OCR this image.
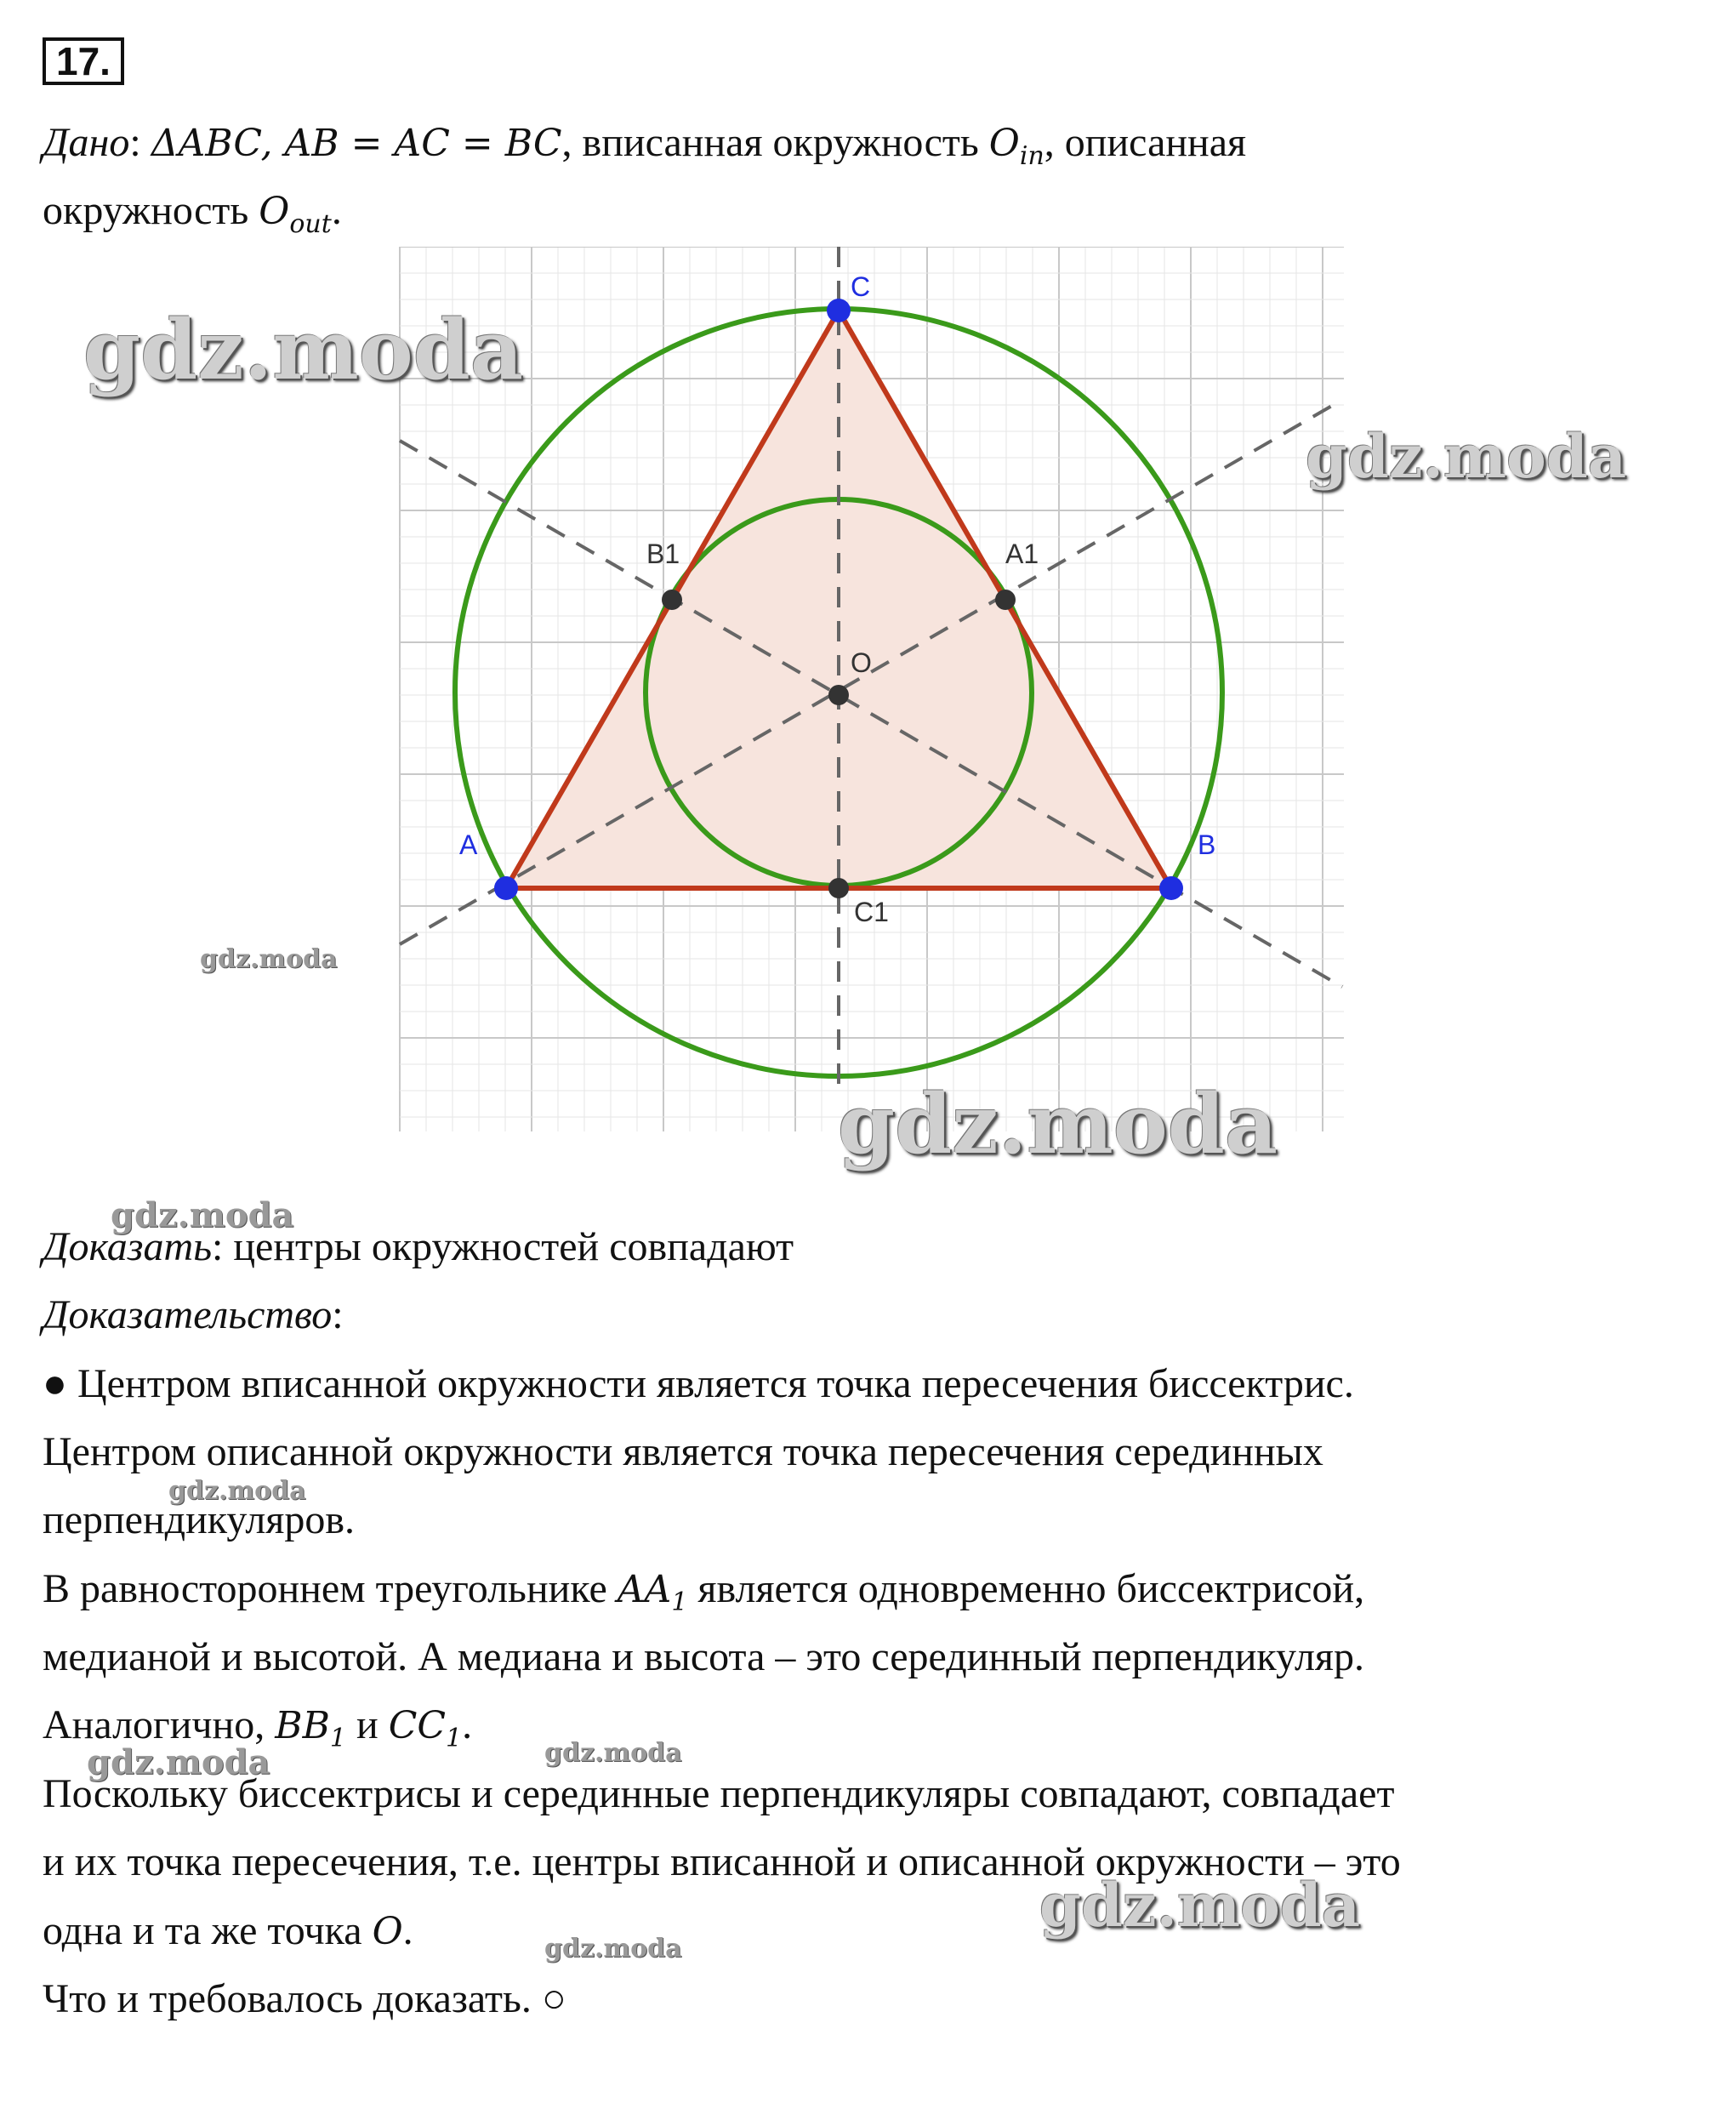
17.
Дано: ΔABC, AB = AC = BC, вписанная окружность $O_{in}$, описанная
окружность $O_{out}$.
C
A	B
B1	A1
O
C1
Доказать: центры окружностей совпадают
Доказательство:
● Центром вписанной окружности является точка пересечения биссектрис.
Центром описанной окружности является точка пересечения серединных
перпендикуляров.
В равностороннем треугольнике $AA_1$ является одновременно биссектрисой,
медианой и высотой. А медиана и высота – это серединный перпендикуляр.
Аналогично, $BB_1$ и $CC_1$.
Поскольку биссектрисы и серединные перпендикуляры совпадают, совпадает
и их точка пересечения, т.е. центры вписанной и описанной окружности – это
одна и та же точка O.
Что и требовалось доказать. ○
gdz.moda
gdz.moda
gdz.moda
gdz.moda
gdz.moda
gdz.moda
gdz.moda
gdz.moda	gdz.moda
gdz.moda
